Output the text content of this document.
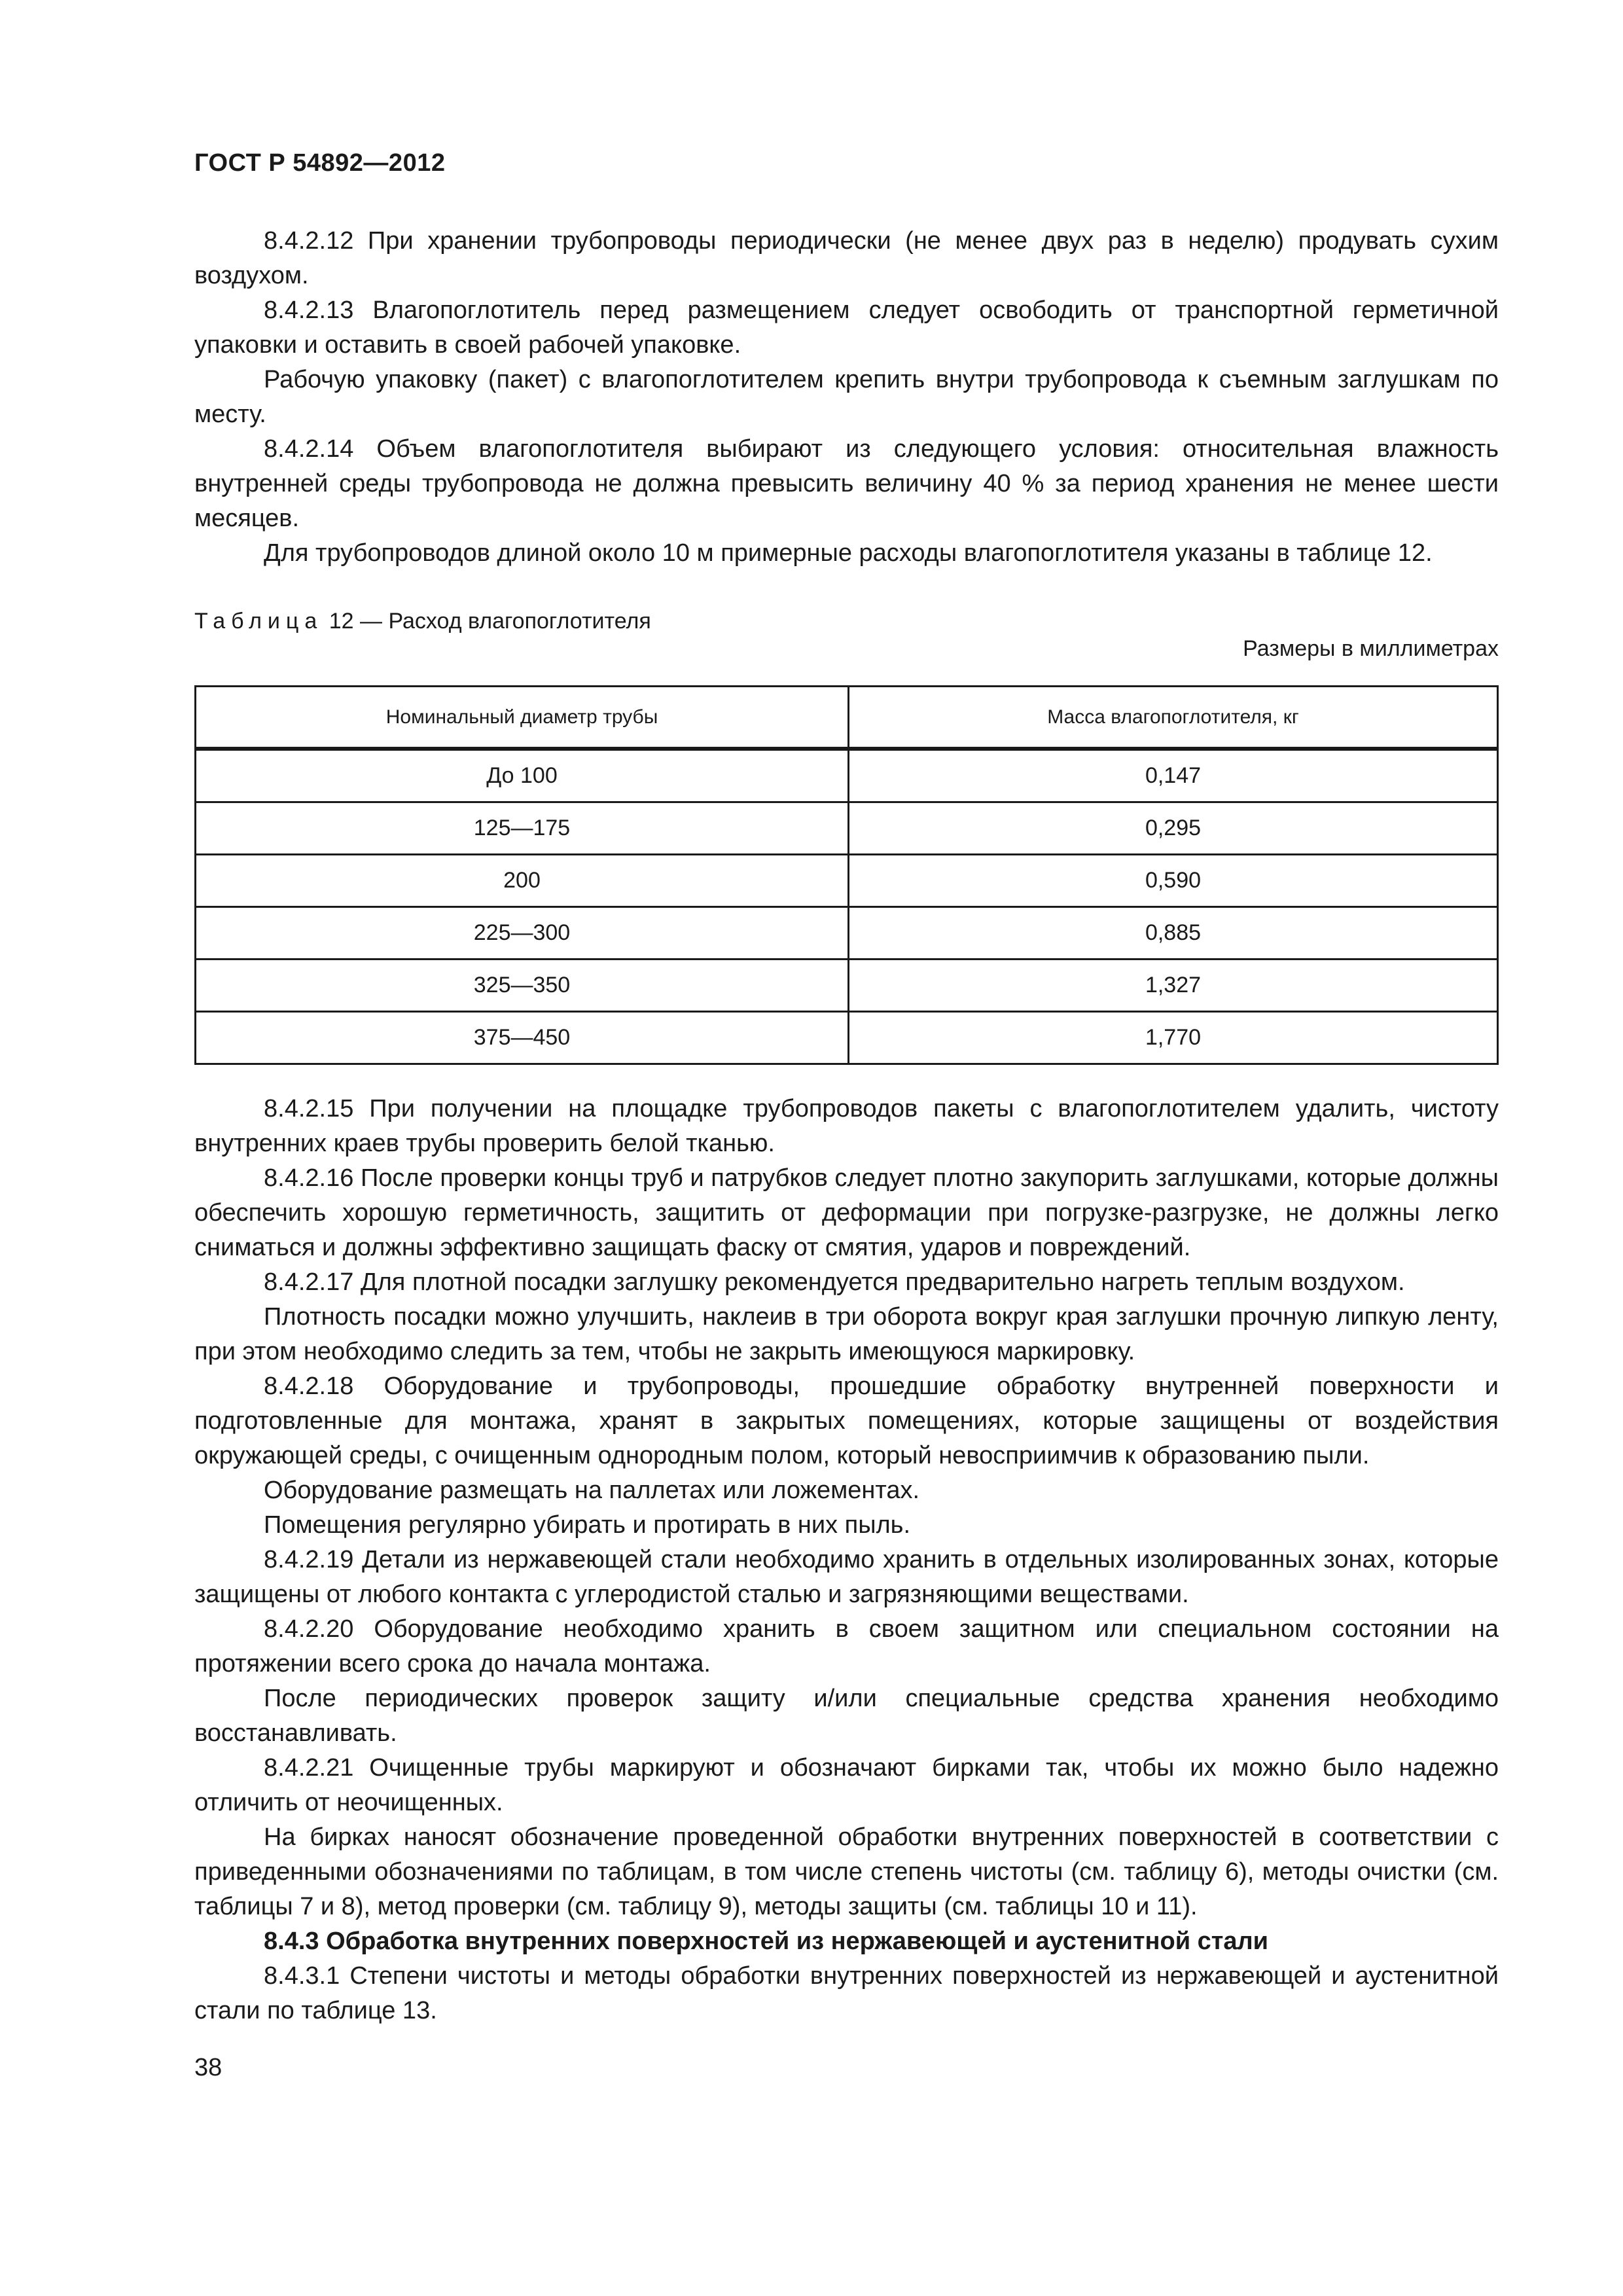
ГОСТ Р 54892—2012

8.4.2.12 При хранении трубопроводы периодически (не менее двух раз в неделю) продувать сухим воздухом.

8.4.2.13 Влагопоглотитель перед размещением следует освободить от транспортной герметичной упаковки и оставить в своей рабочей упаковке.

Рабочую упаковку (пакет) с влагопоглотителем крепить внутри трубопровода к съемным заглушкам по месту.

8.4.2.14 Объем влагопоглотителя выбирают из следующего условия: относительная влажность внутренней среды трубопровода не должна превысить величину 40 % за период хранения не менее шести месяцев.

Для трубопроводов длиной около 10 м примерные расходы влагопоглотителя указаны в таблице 12.

Таблица 12 — Расход влагопоглотителя
Размеры в миллиметрах
Номинальный диаметр трубы	Масса влагопоглотителя, кг
До 100	0,147
125—175	0,295
200	0,590
225—300	0,885
325—350	1,327
375—450	1,770

8.4.2.15 При получении на площадке трубопроводов пакеты с влагопоглотителем удалить, чистоту внутренних краев трубы проверить белой тканью.

8.4.2.16 После проверки концы труб и патрубков следует плотно закупорить заглушками, которые должны обеспечить хорошую герметичность, защитить от деформации при погрузке-разгрузке, не должны легко сниматься и должны эффективно защищать фаску от смятия, ударов и повреждений.

8.4.2.17 Для плотной посадки заглушку рекомендуется предварительно нагреть теплым воздухом.

Плотность посадки можно улучшить, наклеив в три оборота вокруг края заглушки прочную липкую ленту, при этом необходимо следить за тем, чтобы не закрыть имеющуюся маркировку.

8.4.2.18 Оборудование и трубопроводы, прошедшие обработку внутренней поверхности и подготовленные для монтажа, хранят в закрытых помещениях, которые защищены от воздействия окружающей среды, с очищенным однородным полом, который невосприимчив к образованию пыли.

Оборудование размещать на паллетах или ложементах.

Помещения регулярно убирать и протирать в них пыль.

8.4.2.19 Детали из нержавеющей стали необходимо хранить в отдельных изолированных зонах, которые защищены от любого контакта с углеродистой сталью и загрязняющими веществами.

8.4.2.20 Оборудование необходимо хранить в своем защитном или специальном состоянии на протяжении всего срока до начала монтажа.

После периодических проверок защиту и/или специальные средства хранения необходимо восстанавливать.

8.4.2.21 Очищенные трубы маркируют и обозначают бирками так, чтобы их можно было надежно отличить от неочищенных.

На бирках наносят обозначение проведенной обработки внутренних поверхностей в соответствии с приведенными обозначениями по таблицам, в том числе степень чистоты (см. таблицу 6), методы очистки (см. таблицы 7 и 8), метод проверки (см. таблицу 9), методы защиты (см. таблицы 10 и 11).

8.4.3 Обработка внутренних поверхностей из нержавеющей и аустенитной стали

8.4.3.1 Степени чистоты и методы обработки внутренних поверхностей из нержавеющей и аустенитной стали по таблице 13.

38
